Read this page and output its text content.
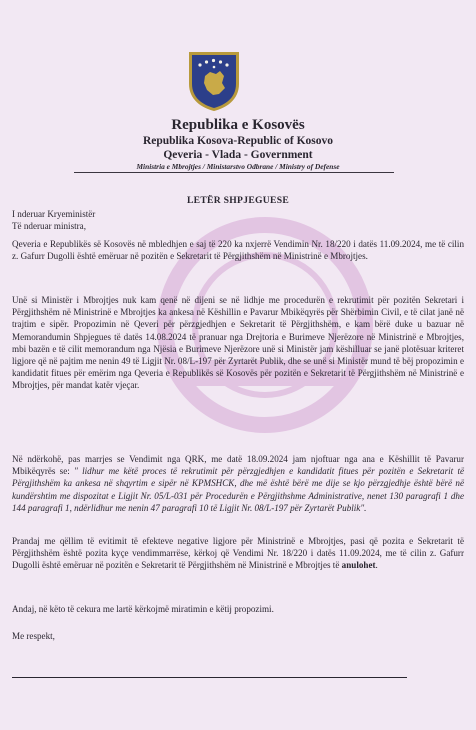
Republika e Kosovës
Republika Kosova-Republic of Kosovo
Qeveria - Vlada - Government
Ministria e Mbrojtjes / Ministarstvo Odbrane / Ministry of Defense
LETËR SHPJEGUESE

I nderuar Kryeministër

Të nderuar ministra,

Qeveria e Republikës së Kosovës në mbledhjen e saj të 220 ka nxjerrë Vendimin Nr. 18/220 i datës 11.09.2024, me të cilin z. Gafurr Dugolli është emëruar në pozitën e Sekretarit të Përgjithshëm në Ministrinë e Mbrojtjes.

Unë si Ministër i Mbrojtjes nuk kam qenë në dijeni se në lidhje me procedurën e rekrutimit për pozitën Sekretari i Përgjithshëm në Ministrinë e Mbrojtjes ka ankesa në Këshillin e Pavarur Mbikëqyrës për Shërbimin Civil, e të cilat janë në trajtim e sipër. Propozimin në Qeveri për përzgjedhjen e Sekretarit të Përgjithshëm, e kam bërë duke u bazuar në Memorandumin Shpjegues të datës 14.08.2024 të pranuar nga Drejtoria e Burimeve Njerëzore në Ministrinë e Mbrojtjes, mbi bazën e të cilit memorandum nga Njësia e Burimeve Njerëzore unë si Ministër jam këshilluar se janë plotësuar kriteret ligjore që në pajtim me nenin 49 të Ligjit Nr. 08/L-197 për Zyrtarët Publik, dhe se unë si Ministër mund të bëj propozimin e kandidatit fitues për emërim nga Qeveria e Republikës së Kosovës për pozitën e Sekretarit të Përgjithshëm në Ministrinë e Mbrojtjes, për mandat katër vjeçar.

Në ndërkohë, pas marrjes se Vendimit nga QRK, me datë 18.09.2024 jam njoftuar nga ana e Këshillit të Pavarur Mbikëqyrës se: " lidhur me këtë proces të rekrutimit për përzgjedhjen e kandidatit fitues për pozitën e Sekretarit të Përgjithshëm ka ankesa në shqyrtim e sipër në KPMSHCK, dhe më është bërë me dije se kjo përzgjedhje është bërë në kundërshtim me dispozitat e Ligjit Nr. 05/L-031 për Procedurën e Përgjithshme Administrative, nenet 130 paragrafi 1 dhe 144 paragrafi 1, ndërlidhur me nenin 47 paragrafi 10 të Ligjit Nr. 08/L-197 për Zyrtarët Publik".

Prandaj me qëllim të evitimit të efekteve negative ligjore për Ministrinë e Mbrojtjes, pasi që pozita e Sekretarit të Përgjithshëm është pozita kyçe vendimmarrëse, kërkoj që Vendimi Nr. 18/220 i datës 11.09.2024, me të cilin z. Gafurr Dugolli është emëruar në pozitën e Sekretarit të Përgjithshëm në Ministrinë e Mbrojtjes të anulohet.

Andaj, në këto të cekura me lartë kërkojmë miratimin e këtij propozimi.

Me respekt,
